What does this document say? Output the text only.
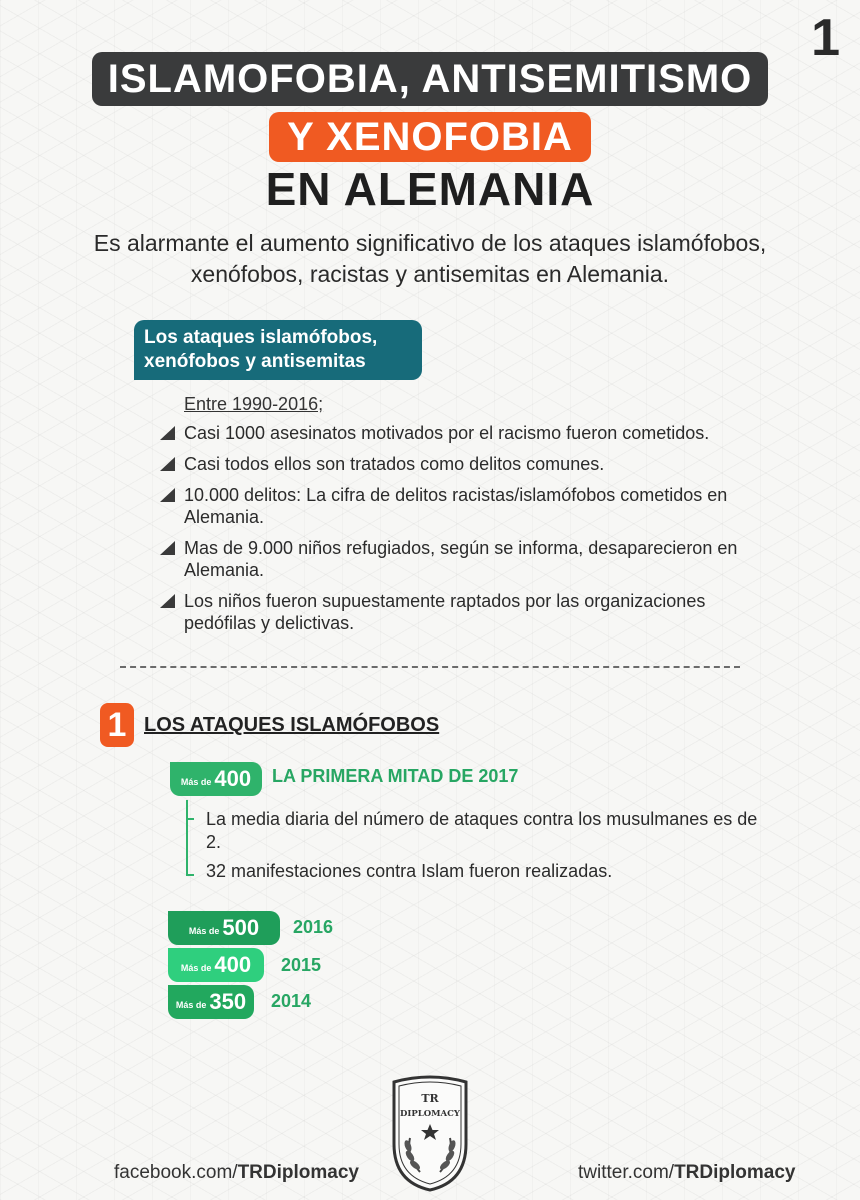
1
ISLAMOFOBIA, ANTISEMITISMO
Y XENOFOBIA
EN ALEMANIA
Es alarmante el aumento significativo de los ataques islamófobos, xenófobos, racistas y antisemitas en Alemania.
Los ataques islamófobos, xenófobos y antisemitas
Entre 1990-2016;
Casi 1000 asesinatos motivados por el racismo fueron cometidos.
Casi todos ellos son tratados como delitos comunes.
10.000 delitos: La cifra de delitos racistas/islamófobos cometidos en Alemania.
Mas de 9.000 niños refugiados, según se informa, desaparecieron en Alemania.
Los niños fueron supuestamente raptados por las organizaciones pedófilas y delictivas.
1 LOS ATAQUES ISLAMÓFOBOS
Más de 400 LA PRIMERA MITAD DE 2017
La media diaria del número de ataques contra los musulmanes es de 2.
32 manifestaciones contra Islam fueron realizadas.
Más de 500 2016
Más de 400 2015
Más de 350 2014
TR
DIPLOMACY
facebook.com/TRDiplomacy	twitter.com/TRDiplomacy
